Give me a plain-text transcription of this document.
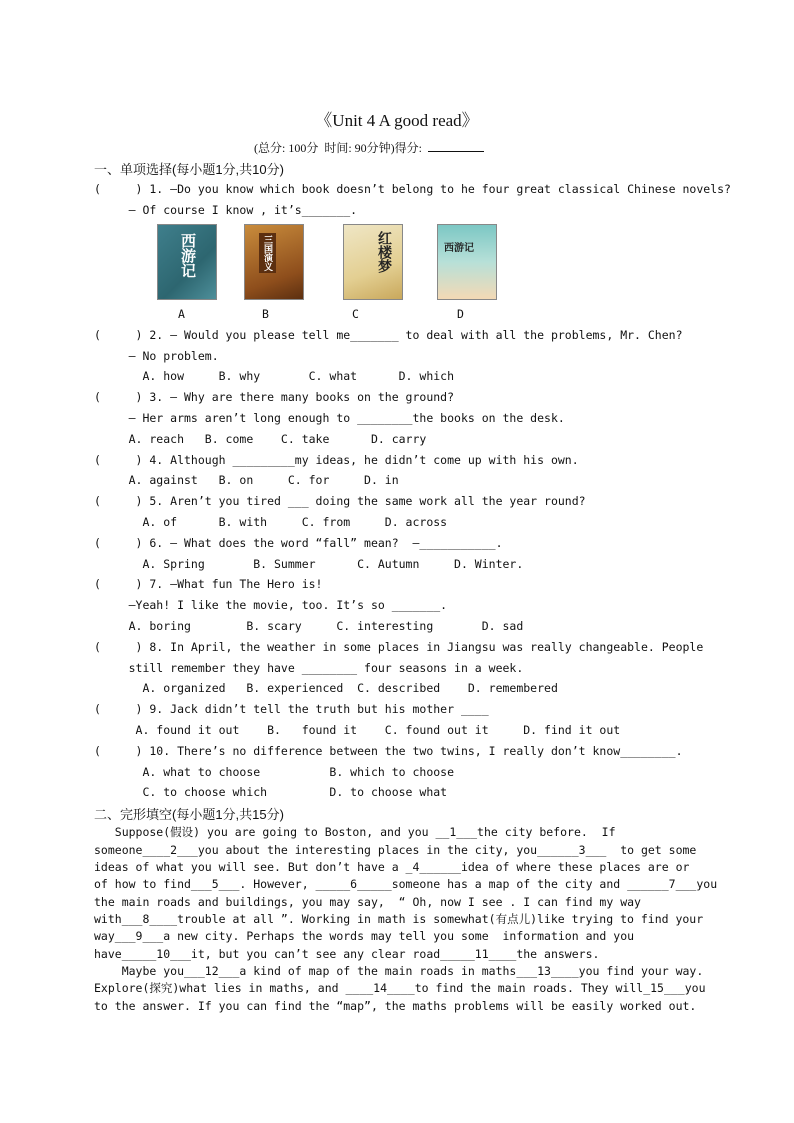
《Unit 4 A good read》
(总分: 100分  时间: 90分钟)得分:
一、单项选择(每小题1分,共10分)
(     ) 1. —Do you know which book doesn’t belong to he four great classical Chinese novels?
— Of course I know , it’s_______.
西游记	三国演义	红楼梦	西游记
A	B	C	D
(     ) 2. — Would you please tell me_______ to deal with all the problems, Mr. Chen?
— No problem.
A. how     B. why       C. what      D. which
(     ) 3. — Why are there many books on the ground?
— Her arms aren’t long enough to ________the books on the desk.
A. reach   B. come    C. take      D. carry
(     ) 4. Although _________my ideas, he didn’t come up with his own.
A. against   B. on     C. for     D. in
(     ) 5. Aren’t you tired ___ doing the same work all the year round?
A. of      B. with     C. from     D. across
(     ) 6. — What does the word “fall” mean?  —___________.
A. Spring       B. Summer      C. Autumn     D. Winter.
(     ) 7. —What fun The Hero is!
—Yeah! I like the movie, too. It’s so _______.
A. boring        B. scary     C. interesting       D. sad
(     ) 8. In April, the weather in some places in Jiangsu was really changeable. People
still remember they have ________ four seasons in a week.
A. organized   B. experienced  C. described    D. remembered
(     ) 9. Jack didn’t tell the truth but his mother ____
A. found it out    B.   found it    C. found out it     D. find it out
(     ) 10. There’s no difference between the two twins, I really don’t know________.
A. what to choose          B. which to choose
C. to choose which         D. to choose what
二、完形填空(每小题1分,共15分)
Suppose(假设) you are going to Boston, and you __1___the city before.  If
someone____2___you about the interesting places in the city, you______3___  to get some
ideas of what you will see. But don’t have a _4______idea of where these places are or
of how to find___5___. However, _____6_____someone has a map of the city and ______7___you
the main roads and buildings, you may say,  “ Oh, now I see . I can find my way
with___8____trouble at all ”. Working in math is somewhat(有点儿)like trying to find your
way___9___a new city. Perhaps the words may tell you some  information and you
have_____10___it, but you can’t see any clear road_____11____the answers.
Maybe you___12___a kind of map of the main roads in maths___13____you find your way.
Explore(探究)what lies in maths, and ____14____to find the main roads. They will_15___you
to the answer. If you can find the “map”, the maths problems will be easily worked out.
